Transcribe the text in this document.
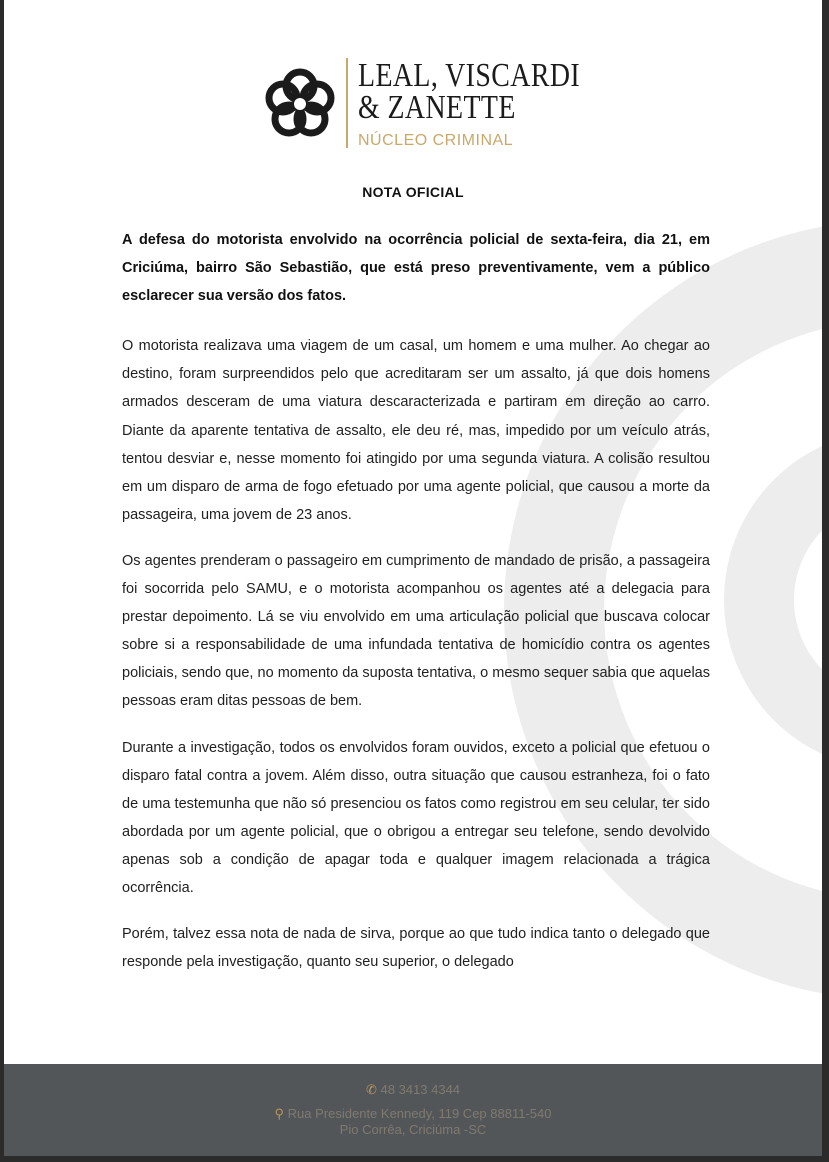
LEAL, VISCARDI
& ZANETTE
NÚCLEO CRIMINAL
NOTA OFICIAL

A defesa do motorista envolvido na ocorrência policial de sexta-feira, dia 21, em Criciúma, bairro São Sebastião, que está preso preventivamente, vem a público esclarecer sua versão dos fatos.

O motorista realizava uma viagem de um casal, um homem e uma mulher. Ao chegar ao destino, foram surpreendidos pelo que acreditaram ser um assalto, já que dois homens armados desceram de uma viatura descaracterizada e partiram em direção ao carro. Diante da aparente tentativa de assalto, ele deu ré, mas, impedido por um veículo atrás, tentou desviar e, nesse momento foi atingido por uma segunda viatura. A colisão resultou em um disparo de arma de fogo efetuado por uma agente policial, que causou a morte da passageira, uma jovem de 23 anos.

Os agentes prenderam o passageiro em cumprimento de mandado de prisão, a passageira foi socorrida pelo SAMU, e o motorista acompanhou os agentes até a delegacia para prestar depoimento. Lá se viu envolvido em uma articulação policial que buscava colocar sobre si a responsabilidade de uma infundada tentativa de homicídio contra os agentes policiais, sendo que, no momento da suposta tentativa, o mesmo sequer sabia que aquelas pessoas eram ditas pessoas de bem.

Durante a investigação, todos os envolvidos foram ouvidos, exceto a policial que efetuou o disparo fatal contra a jovem. Além disso, outra situação que causou estranheza, foi o fato de uma testemunha que não só presenciou os fatos como registrou em seu celular, ter sido abordada por um agente policial, que o obrigou a entregar seu telefone, sendo devolvido apenas sob a condição de apagar toda e qualquer imagem relacionada a trágica ocorrência.

Porém, talvez essa nota de nada de sirva, porque ao que tudo indica tanto o delegado que responde pela investigação, quanto seu superior, o delegado

✆ 48 3413 4344
⚲ Rua Presidente Kennedy, 119 Cep 88811-540
Pio Corrêa, Criciúma -SC
